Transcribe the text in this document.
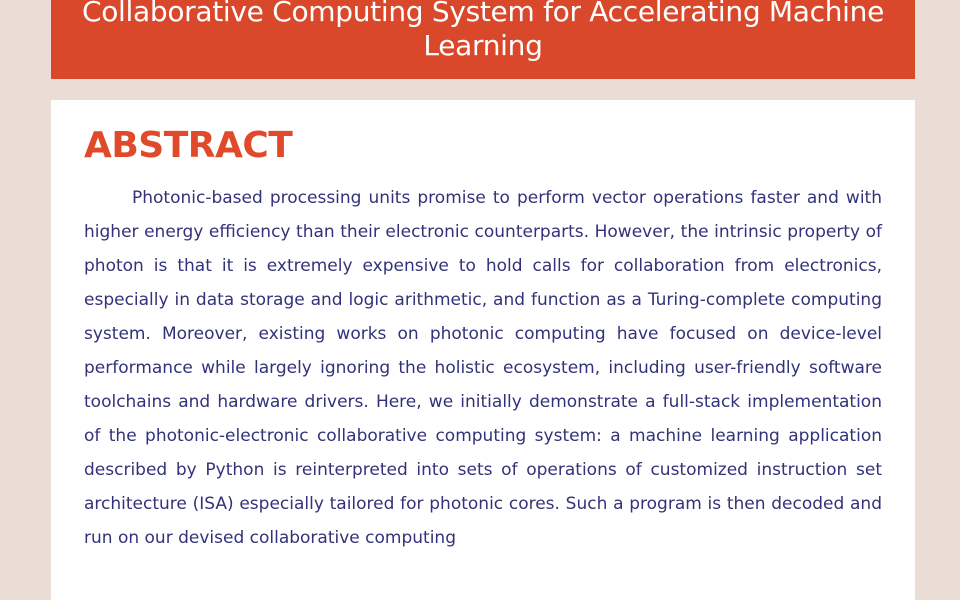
Collaborative Computing System for Accelerating Machine Learning
ABSTRACT

Photonic-based processing units promise to perform vector operations faster and with higher energy efficiency than their electronic counterparts. However, the intrinsic property of photon is that it is extremely expensive to hold calls for collaboration from electronics, especially in data storage and logic arithmetic, and function as a Turing-complete computing system. Moreover, existing works on photonic computing have focused on device-level performance while largely ignoring the holistic ecosystem, including user-friendly software toolchains and hardware drivers. Here, we initially demonstrate a full-stack implementation of the photonic-electronic collaborative computing system: a machine learning application described by Python is reinterpreted into sets of operations of customized instruction set architecture (ISA) especially tailored for photonic cores. Such a program is then decoded and run on our devised collaborative computing
